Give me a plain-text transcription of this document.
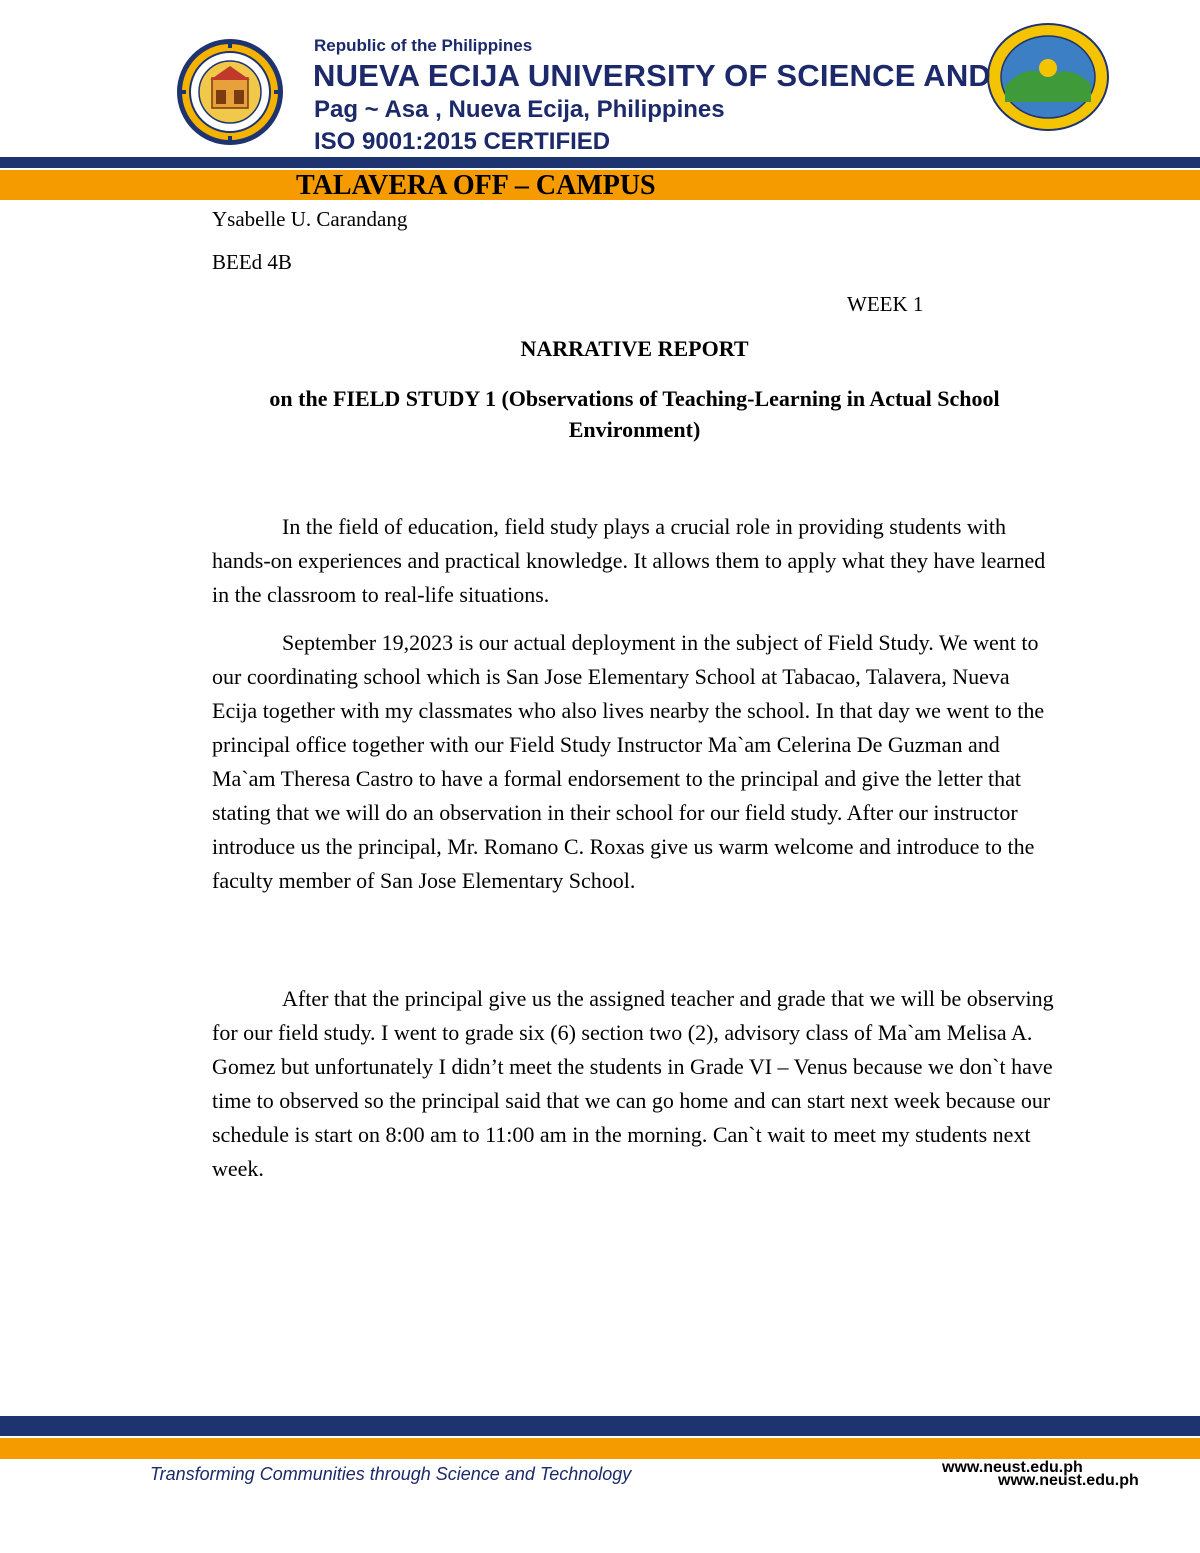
Republic of the Philippines
NUEVA ECIJA UNIVERSITY OF SCIENCE AND
Pag ~ Asa , Nueva Ecija, Philippines
ISO 9001:2015 CERTIFIED
TALAVERA OFF – CAMPUS
Ysabelle U. Carandang
BEEd 4B
WEEK 1
NARRATIVE REPORT
on the FIELD STUDY 1 (Observations of Teaching-Learning in Actual School Environment)

In the field of education, field study plays a crucial role in providing students with hands-on experiences and practical knowledge. It allows them to apply what they have learned in the classroom to real-life situations.

September 19,2023 is our actual deployment in the subject of Field Study. We went to our coordinating school which is San Jose Elementary School at Tabacao, Talavera, Nueva Ecija together with my classmates who also lives nearby the school. In that day we went to the principal office together with our Field Study Instructor Ma`am Celerina De Guzman and Ma`am Theresa Castro to have a formal endorsement to the principal and give the letter that stating that we will do an observation in their school for our field study. After our instructor introduce us the principal, Mr. Romano C. Roxas give us warm welcome and introduce to the faculty member of San Jose Elementary School.

After that the principal give us the assigned teacher and grade that we will be observing for our field study. I went to grade six (6) section two (2), advisory class of Ma`am Melisa A. Gomez but unfortunately I didn’t meet the students in Grade VI – Venus because we don`t have time to observed so the principal said that we can go home and can start next week because our schedule is start on 8:00 am to 11:00 am in the morning. Can`t wait to meet my students next week.

Transforming Communities through Science and Technology	www.neust.edu.ph
www.neust.edu.ph
